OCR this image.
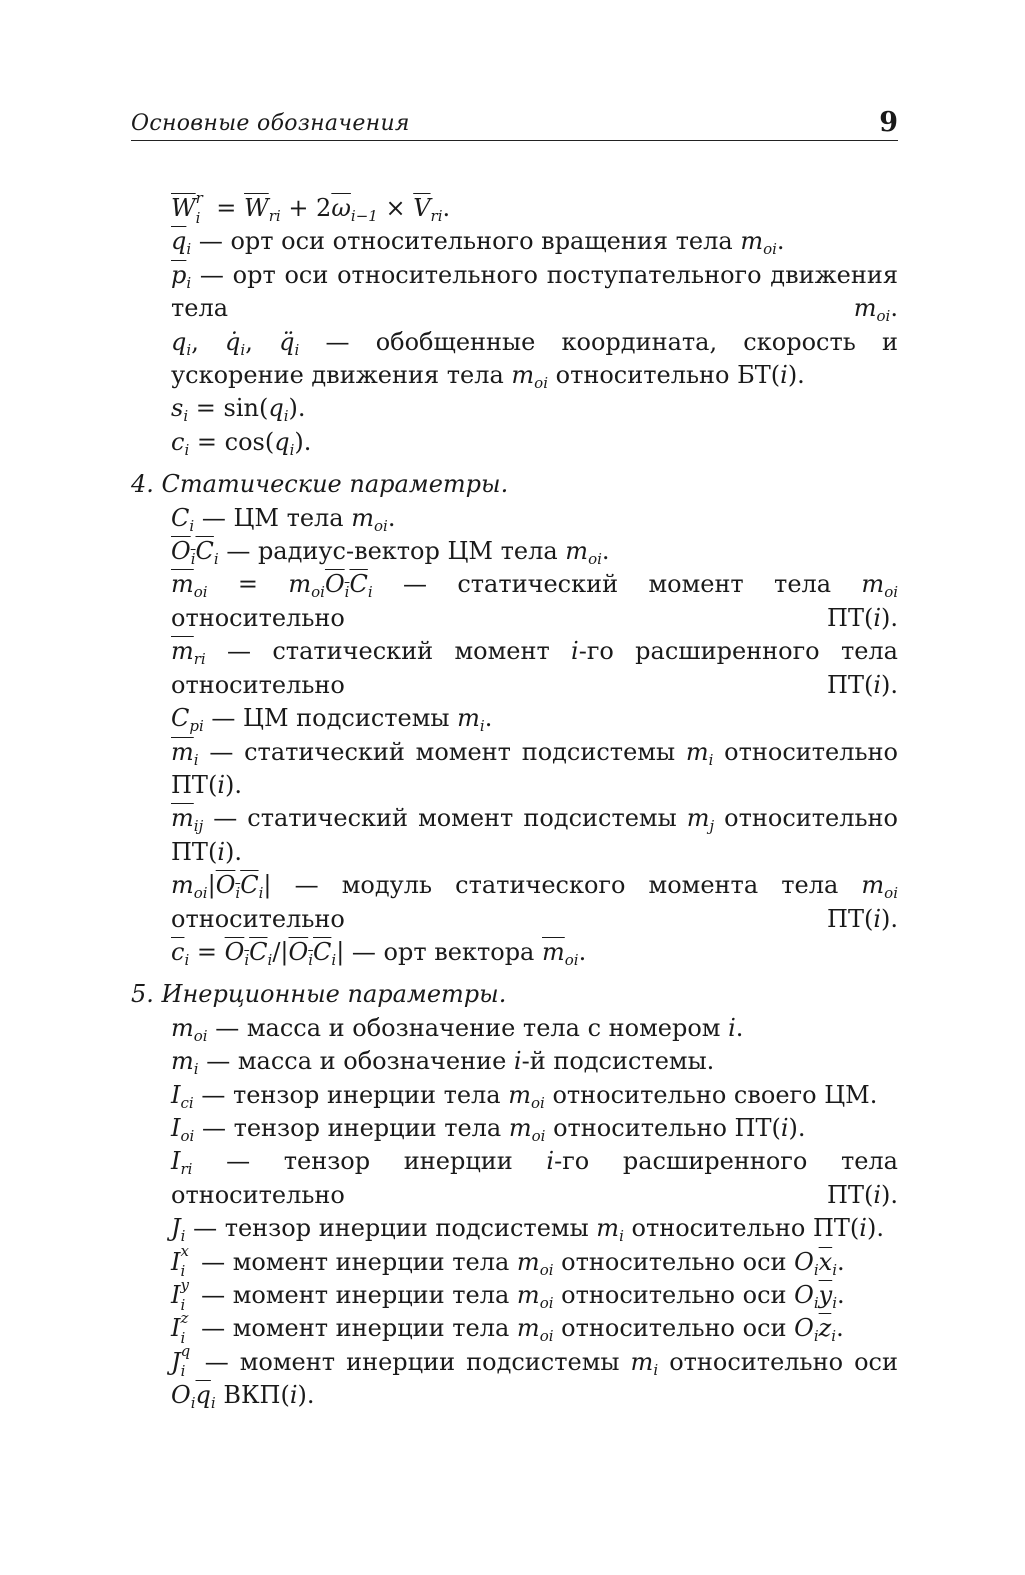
Основные обозначения	9
$\overline{W}$ r
$i = \overline{W}_{ri} + 2\overline{\omega}_{i-1} \times \overline{V}_{ri}$.
$\overline{q}_i$ — орт оси относительного вращения тела $m_{oi}$.
$\overline{p}_i$ — орт оси относительного поступательного движения тела $m_{oi}$.
$q_i$, $q̇_i$, $q̈_i$ — обобщенные координата, скорость и ускорение движения тела $m_{oi}$ относительно БТ(i).
$s_i = \sin(q_i)$.
$c_i = \cos(q_i)$.
4. Статические параметры.
$C_i$ — ЦМ тела $m_{oi}$.
$O_iC_i$ — радиус-вектор ЦМ тела $m_{oi}$.
$\overline{m}_{oi} = m_{oi}O_iC_i$ — статический момент тела $m_{oi}$ относительно ПТ(i).
$\overline{m}_{ri}$ — статический момент i-го расширенного тела относительно ПТ(i).
$C_{pi}$ — ЦМ подсистемы $m_i$.
$\overline{m}_i$ — статический момент подсистемы $m_i$ относительно ПТ(i).
$\overline{m}_{ij}$ — статический момент подсистемы $m_j$ относительно ПТ(i).
$m_{oi}|O_iC_i|$ — модуль статического момента тела $m_{oi}$ относительно ПТ(i).
$\overline{c}_i = O_iC_i/|O_iC_i|$ — орт вектора $\overline{m}_{oi}$.
5. Инерционные параметры.
$m_{oi}$ — масса и обозначение тела с номером i.
$m_i$ — масса и обозначение i-й подсистемы.
$I_{ci}$ — тензор инерции тела $m_{oi}$ относительно своего ЦМ.
$I_{oi}$ — тензор инерции тела $m_{oi}$ относительно ПТ(i).
$I_{ri}$ — тензор инерции i-го расширенного тела относительно ПТ(i).
$J_i$ — тензор инерции подсистемы $m_i$ относительно ПТ(i).
I x
i — момент инерции тела $m_{oi}$ относительно оси $O_i\overline{x}_i$.
I y
i — момент инерции тела $m_{oi}$ относительно оси $O_i\overline{y}_i$.
I z
i — момент инерции тела $m_{oi}$ относительно оси $O_i\overline{z}_i$.
J q
i — момент инерции подсистемы $m_i$ относительно оси $O_i\overline{q}_i$ ВКП(i).
